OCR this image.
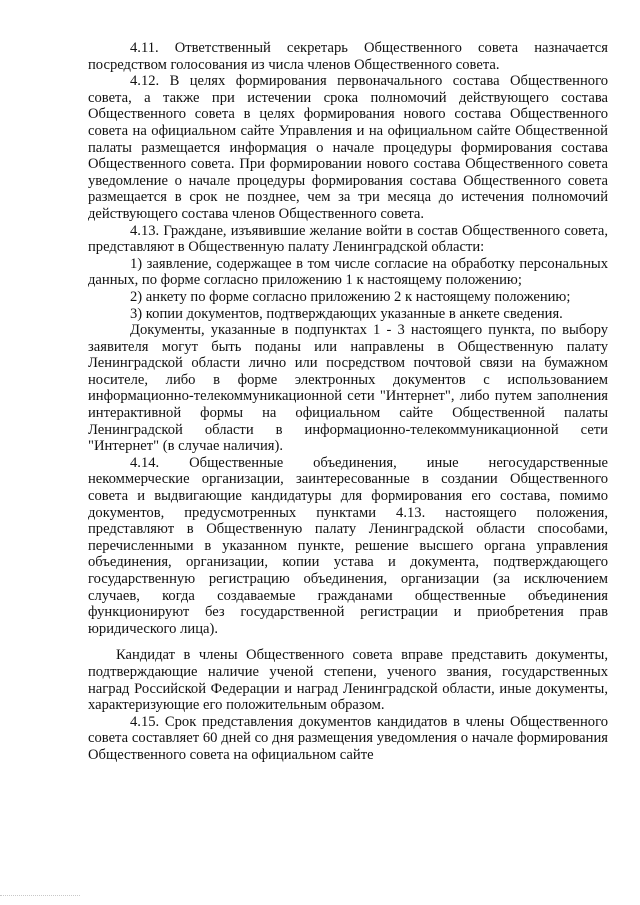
4.11. Ответственный секретарь Общественного совета назначается посредством голосования из числа членов Общественного совета.

4.12. В целях формирования первоначального состава Общественного совета, а также при истечении срока полномочий действующего состава Общественного совета в целях формирования нового состава Общественного совета на официальном сайте Управления и на официальном сайте Общественной палаты размещается информация о начале процедуры формирования состава Общественного совета. При формировании нового состава Общественного совета уведомление о начале процедуры формирования состава Общественного совета размещается в срок не позднее, чем за три месяца до истечения полномочий действующего состава членов Общественного совета.

4.13. Граждане, изъявившие желание войти в состав Общественного совета, представляют в Общественную палату Ленинградской области:

1) заявление, содержащее в том числе согласие на обработку персональных данных, по форме согласно приложению 1 к настоящему положению;

2) анкету по форме согласно приложению 2 к настоящему положению;

3) копии документов, подтверждающих указанные в анкете сведения.

Документы, указанные в подпунктах 1 - 3 настоящего пункта, по выбору заявителя могут быть поданы или направлены в Общественную палату Ленинградской области лично или посредством почтовой связи на бумажном носителе, либо в форме электронных документов с использованием информационно-телекоммуникационной сети "Интернет", либо путем заполнения интерактивной формы на официальном сайте Общественной палаты Ленинградской области в информационно-телекоммуникационной сети "Интернет" (в случае наличия).

4.14. Общественные объединения, иные негосударственные некоммерческие организации, заинтересованные в создании Общественного совета и выдвигающие кандидатуры для формирования его состава, помимо документов, предусмотренных пунктами 4.13. настоящего положения, представляют в Общественную палату Ленинградской области способами, перечисленными в указанном пункте, решение высшего органа управления объединения, организации, копии устава и документа, подтверждающего государственную регистрацию объединения, организации (за исключением случаев, когда создаваемые гражданами общественные объединения функционируют без государственной регистрации и приобретения прав юридического лица).

Кандидат в члены Общественного совета вправе представить документы, подтверждающие наличие ученой степени, ученого звания, государственных наград Российской Федерации и наград Ленинградской области, иные документы, характеризующие его положительным образом.

4.15. Срок представления документов кандидатов в члены Общественного совета составляет 60 дней со дня размещения уведомления о начале формирования Общественного совета на официальном сайте
